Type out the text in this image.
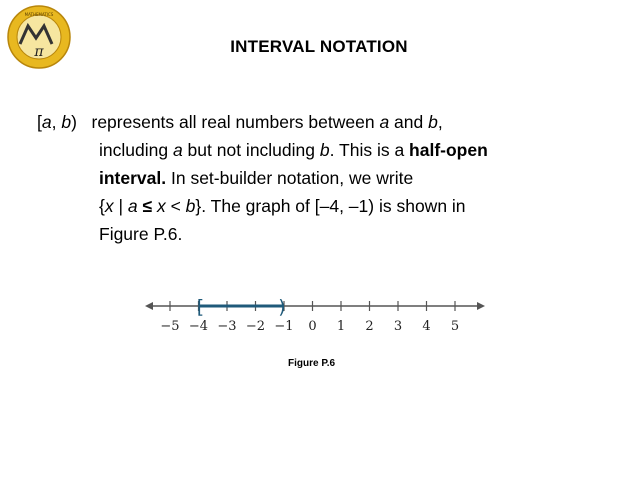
π
MATHEMATICS
INTERVAL NOTATION

[a, b)   represents all real numbers between a and b,

including a but not including b. This is a half-open

interval. In set-builder notation, we write

{x | a ≤ x < b}. The graph of [–4, –1) is shown in

Figure P.6.

−5 −4 −3 −2 −1 0 1 2 3 4 5
[	)
Figure P.6
